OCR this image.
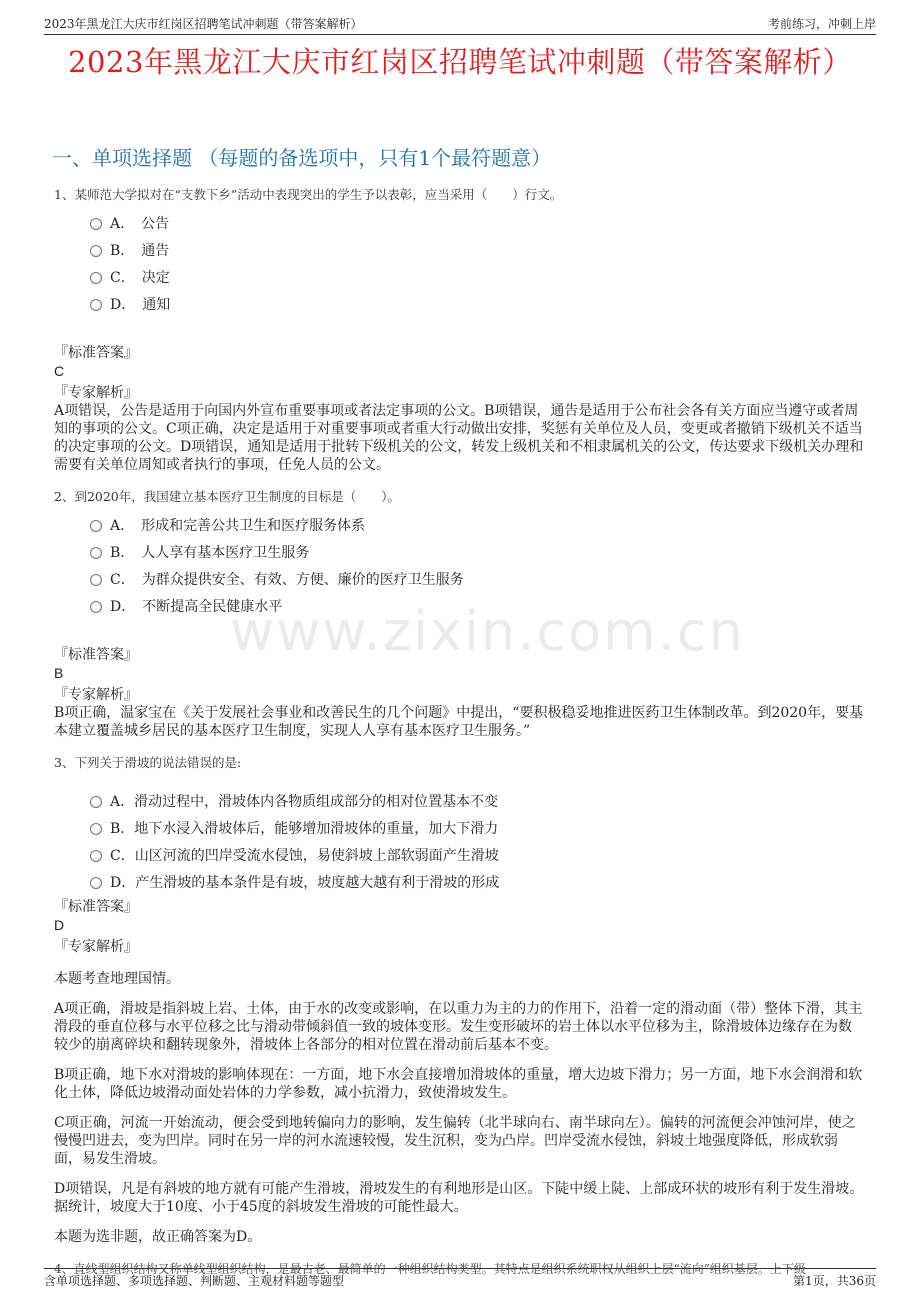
2023年黑龙江大庆市红岗区招聘笔试冲刺题（带答案解析）	考前练习，冲刺上岸
2023年黑龙江大庆市红岗区招聘笔试冲刺题（带答案解析）
一、单项选择题 （每题的备选项中，只有1个最符题意）
www.zixin.com.cn
1、某师范大学拟对在“支教下乡”活动中表现突出的学生予以表彰，应当采用（　　）行文。
A．　公告
B．　通告
C．　决定
D．　通知
『标准答案』
C
『专家解析』
A项错误，公告是适用于向国内外宣布重要事项或者法定事项的公文。B项错误，通告是适用于公布社会各有关方面应当遵守或者周知的事项的公文。C项正确，决定是适用于对重要事项或者重大行动做出安排，奖惩有关单位及人员，变更或者撤销下级机关不适当的决定事项的公文。D项错误，通知是适用于批转下级机关的公文，转发上级机关和不相隶属机关的公文，传达要求下级机关办理和需要有关单位周知或者执行的事项，任免人员的公文。
2、到2020年，我国建立基本医疗卫生制度的目标是（　　）。
A．　形成和完善公共卫生和医疗服务体系
B．　人人享有基本医疗卫生服务
C．　为群众提供安全、有效、方便、廉价的医疗卫生服务
D．　不断提高全民健康水平
『标准答案』
B
『专家解析』
B项正确，温家宝在《关于发展社会事业和改善民生的几个问题》中提出，“要积极稳妥地推进医药卫生体制改革。到2020年，要基本建立覆盖城乡居民的基本医疗卫生制度，实现人人享有基本医疗卫生服务。”
3、下列关于滑坡的说法错误的是:
A．滑动过程中，滑坡体内各物质组成部分的相对位置基本不变
B．地下水浸入滑坡体后，能够增加滑坡体的重量，加大下滑力
C．山区河流的凹岸受流水侵蚀，易使斜坡上部软弱面产生滑坡
D．产生滑坡的基本条件是有坡，坡度越大越有利于滑坡的形成
『标准答案』
D
『专家解析』
本题考查地理国情。
A项正确，滑坡是指斜坡上岩、土体，由于水的改变或影响，在以重力为主的力的作用下，沿着一定的滑动面（带）整体下滑，其主滑段的垂直位移与水平位移之比与滑动带倾斜值一致的坡体变形。发生变形破坏的岩土体以水平位移为主，除滑坡体边缘存在为数较少的崩离碎块和翻转现象外，滑坡体上各部分的相对位置在滑动前后基本不变。
B项正确，地下水对滑坡的影响体现在：一方面，地下水会直接增加滑坡体的重量，增大边坡下滑力；另一方面，地下水会润滑和软化土体，降低边坡滑动面处岩体的力学参数，减小抗滑力，致使滑坡发生。
C项正确，河流一开始流动，便会受到地转偏向力的影响，发生偏转（北半球向右、南半球向左）。偏转的河流便会冲蚀河岸，使之慢慢凹进去，变为凹岸。同时在另一岸的河水流速较慢，发生沉积，变为凸岸。凹岸受流水侵蚀，斜坡土地强度降低，形成软弱面，易发生滑坡。
D项错误，凡是有斜坡的地方就有可能产生滑坡，滑坡发生的有利地形是山区。下陡中缓上陡、上部成环状的坡形有利于发生滑坡。据统计，坡度大于10度、小于45度的斜坡发生滑坡的可能性最大。
本题为选非题，故正确答案为D。
4、直线型组织结构又称单线型组织结构，是最古老、最简单的一种组织结构类型。其特点是组织系统职权从组织上层“流向”组织基层。上下级
含单项选择题、多项选择题、判断题、主观材料题等题型	第1页，共36页
